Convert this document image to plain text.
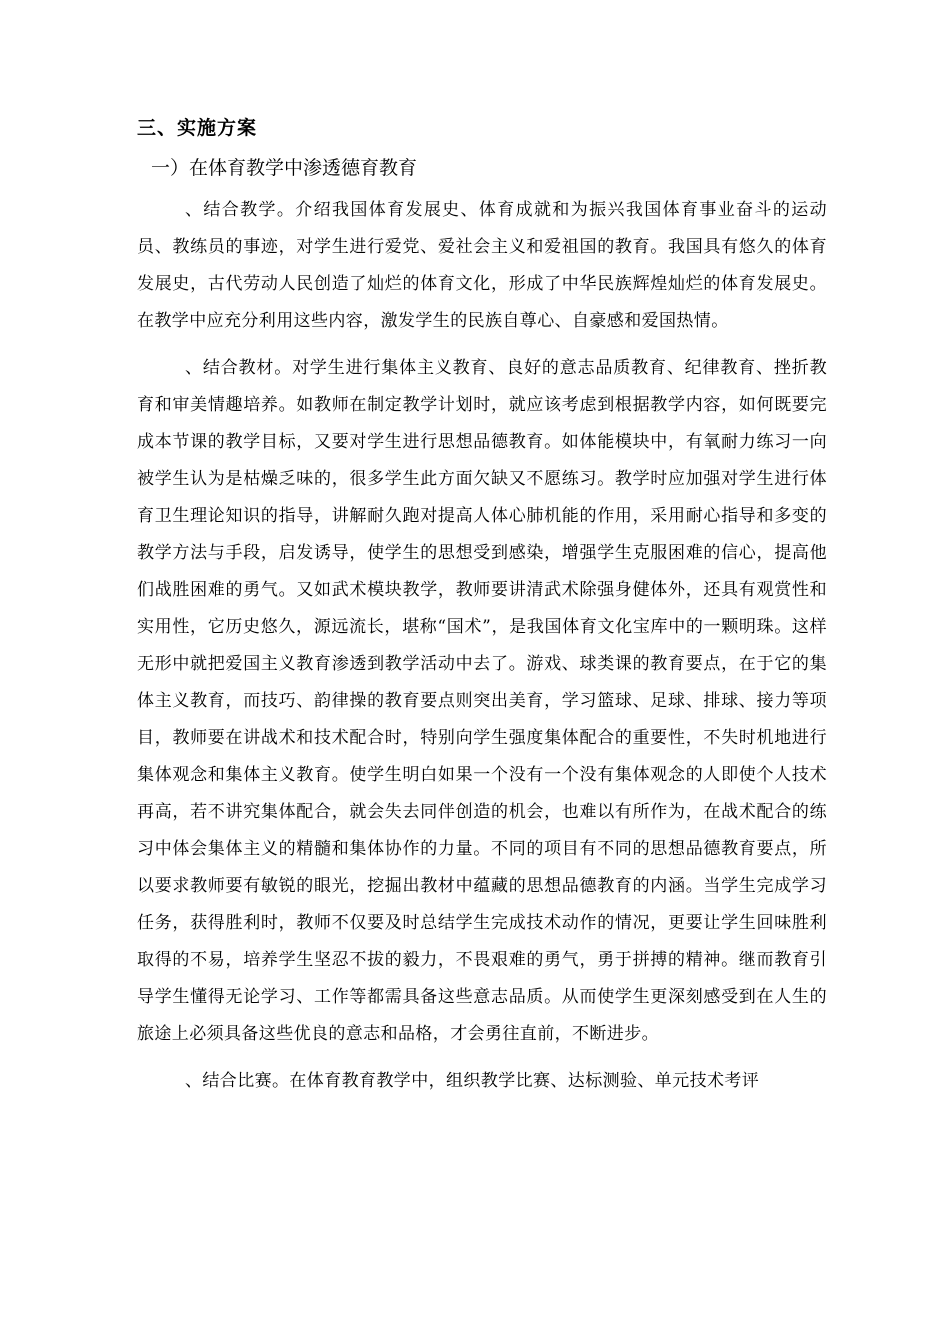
三、实施方案
一）在体育教学中渗透德育教育

、结合教学。介绍我国体育发展史、体育成就和为振兴我国体育事业奋斗的运动员、教练员的事迹，对学生进行爱党、爱社会主义和爱祖国的教育。我国具有悠久的体育发展史，古代劳动人民创造了灿烂的体育文化，形成了中华民族辉煌灿烂的体育发展史。在教学中应充分利用这些内容，激发学生的民族自尊心、自豪感和爱国热情。

、结合教材。对学生进行集体主义教育、良好的意志品质教育、纪律教育、挫折教育和审美情趣培养。如教师在制定教学计划时，就应该考虑到根据教学内容，如何既要完成本节课的教学目标，又要对学生进行思想品德教育。如体能模块中，有氧耐力练习一向被学生认为是枯燥乏味的，很多学生此方面欠缺又不愿练习。教学时应加强对学生进行体育卫生理论知识的指导，讲解耐久跑对提高人体心肺机能的作用，采用耐心指导和多变的教学方法与手段，启发诱导，使学生的思想受到感染，增强学生克服困难的信心，提高他们战胜困难的勇气。又如武术模块教学，教师要讲清武术除强身健体外，还具有观赏性和实用性，它历史悠久，源远流长，堪称“国术”，是我国体育文化宝库中的一颗明珠。这样无形中就把爱国主义教育渗透到教学活动中去了。游戏、球类课的教育要点，在于它的集体主义教育，而技巧、韵律操的教育要点则突出美育，学习篮球、足球、排球、接力等项目，教师要在讲战术和技术配合时，特别向学生强度集体配合的重要性，不失时机地进行集体观念和集体主义教育。使学生明白如果一个没有一个没有集体观念的人即使个人技术再高，若不讲究集体配合，就会失去同伴创造的机会，也难以有所作为，在战术配合的练习中体会集体主义的精髓和集体协作的力量。不同的项目有不同的思想品德教育要点，所以要求教师要有敏锐的眼光，挖掘出教材中蕴藏的思想品德教育的内涵。当学生完成学习任务，获得胜利时，教师不仅要及时总结学生完成技术动作的情况，更要让学生回味胜利取得的不易，培养学生坚忍不拔的毅力，不畏艰难的勇气，勇于拼搏的精神。继而教育引导学生懂得无论学习、工作等都需具备这些意志品质。从而使学生更深刻感受到在人生的旅途上必须具备这些优良的意志和品格，才会勇往直前，不断进步。

、结合比赛。在体育教育教学中，组织教学比赛、达标测验、单元技术考评
